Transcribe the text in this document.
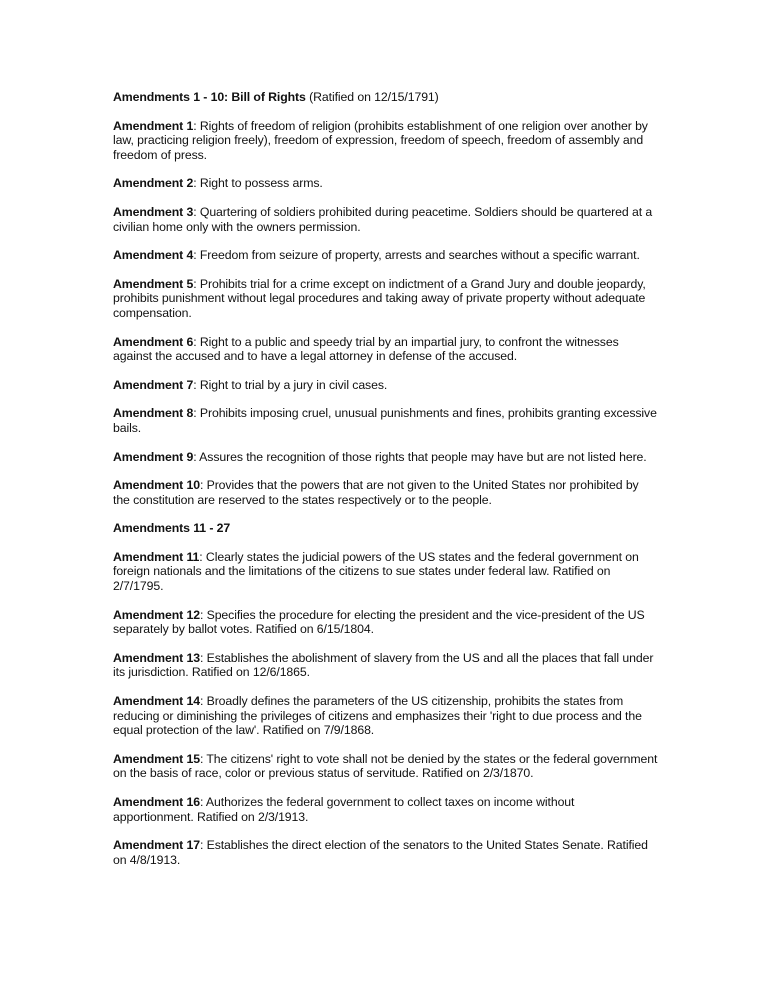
Amendments 1 - 10: Bill of Rights (Ratified on 12/15/1791)

Amendment 1: Rights of freedom of religion (prohibits establishment of one religion over another by law, practicing religion freely), freedom of expression, freedom of speech, freedom of assembly and freedom of press.

Amendment 2: Right to possess arms.

Amendment 3: Quartering of soldiers prohibited during peacetime. Soldiers should be quartered at a civilian home only with the owners permission.

Amendment 4: Freedom from seizure of property, arrests and searches without a specific warrant.

Amendment 5: Prohibits trial for a crime except on indictment of a Grand Jury and double jeopardy, prohibits punishment without legal procedures and taking away of private property without adequate compensation.

Amendment 6: Right to a public and speedy trial by an impartial jury, to confront the witnesses against the accused and to have a legal attorney in defense of the accused.

Amendment 7: Right to trial by a jury in civil cases.

Amendment 8: Prohibits imposing cruel, unusual punishments and fines, prohibits granting excessive bails.

Amendment 9: Assures the recognition of those rights that people may have but are not listed here.

Amendment 10: Provides that the powers that are not given to the United States nor prohibited by the constitution are reserved to the states respectively or to the people.

Amendments 11 - 27

Amendment 11: Clearly states the judicial powers of the US states and the federal government on foreign nationals and the limitations of the citizens to sue states under federal law. Ratified on 2/7/1795.

Amendment 12: Specifies the procedure for electing the president and the vice-president of the US separately by ballot votes. Ratified on 6/15/1804.

Amendment 13: Establishes the abolishment of slavery from the US and all the places that fall under its jurisdiction. Ratified on 12/6/1865.

Amendment 14: Broadly defines the parameters of the US citizenship, prohibits the states from reducing or diminishing the privileges of citizens and emphasizes their 'right to due process and the equal protection of the law'. Ratified on 7/9/1868.

Amendment 15: The citizens' right to vote shall not be denied by the states or the federal government on the basis of race, color or previous status of servitude. Ratified on 2/3/1870.

Amendment 16: Authorizes the federal government to collect taxes on income without apportionment. Ratified on 2/3/1913.

Amendment 17: Establishes the direct election of the senators to the United States Senate. Ratified on 4/8/1913.
